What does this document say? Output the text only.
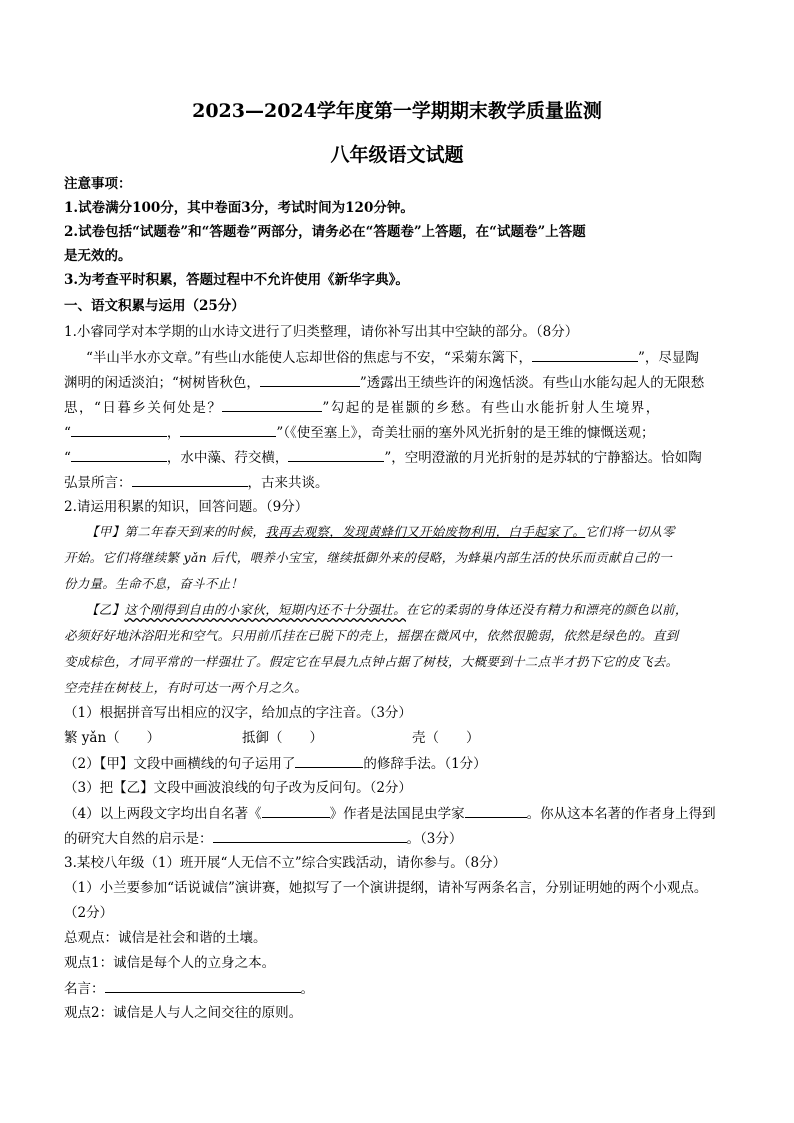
2023—2024学年度第一学期期末教学质量监测
八年级语文试题
注意事项：
1.试卷满分100分，其中卷面3分，考试时间为120分钟。
2.试卷包括“试题卷”和“答题卷”两部分，请务必在“答题卷”上答题，在“试题卷”上答题
是无效的。
3.为考查平时积累，答题过程中不允许使用《新华字典》。
一、语文积累与运用（25分）
1.小睿同学对本学期的山水诗文进行了归类整理，请你补写出其中空缺的部分。（8分）
“半山半水亦文章。”有些山水能使人忘却世俗的焦虑与不安，“采菊东篱下，	”，尽显陶
渊明的闲适淡泊；“树树皆秋色，	”透露出王绩些许的闲逸恬淡。有些山水能勾起人的无限愁
思，“日暮乡关何处是？	”勾起的是崔颢的乡愁。有些山水能折射人生境界，
“	，	”（《使至塞上》，奇美壮丽的塞外风光折射的是王维的慷慨送观；
“	，水中藻、荇交横，	”，空明澄澈的月光折射的是苏轼的宁静豁达。恰如陶
弘景所言：	，古来共谈。
2.请运用积累的知识，回答问题。（9分）
【甲】第二年春天到来的时候，我再去观察，发现黄蜂们又开始废物利用，白手起家了。它们将一切从零
开始。它们将继续繁 yǎn 后代，喂养小宝宝，继续抵御外来的侵略，为蜂巢内部生活的快乐而贡献自己的一
份力量。生命不息，奋斗不止！
【乙】这个刚得到自由的小家伙，短期内还不十分强壮。在它的柔弱的身体还没有精力和漂亮的颜色以前，
必须好好地沐浴阳光和空气。只用前爪挂在已脱下的壳上，摇摆在微风中，依然很脆弱，依然是绿色的。直到
变成棕色，才同平常的一样强壮了。假定它在早晨九点钟占据了树枝，大概要到十二点半才扔下它的皮飞去。
空壳挂在树枝上，有时可达一两个月之久。
（1）根据拼音写出相应的汉字，给加点的字注音。（3分）
繁 yǎn（　　）	抵御（　　）	壳（　　）
（2）【甲】文段中画横线的句子运用了	的修辞手法。（1分）
（3）把【乙】文段中画波浪线的句子改为反问句。（2分）
（4）以上两段文字均出自名著《	》作者是法国昆虫学家	。你从这本名著的作者身上得到
的研究大自然的启示是：	。（3分）
3.某校八年级（1）班开展“人无信不立”综合实践活动，请你参与。（8分）
（1）小兰要参加“话说诚信”演讲赛，她拟写了一个演讲提纲，请补写两条名言，分别证明她的两个小观点。
（2分）
总观点：诚信是社会和谐的土壤。
观点1：诚信是每个人的立身之本。
名言：	。
观点2：诚信是人与人之间交往的原则。
